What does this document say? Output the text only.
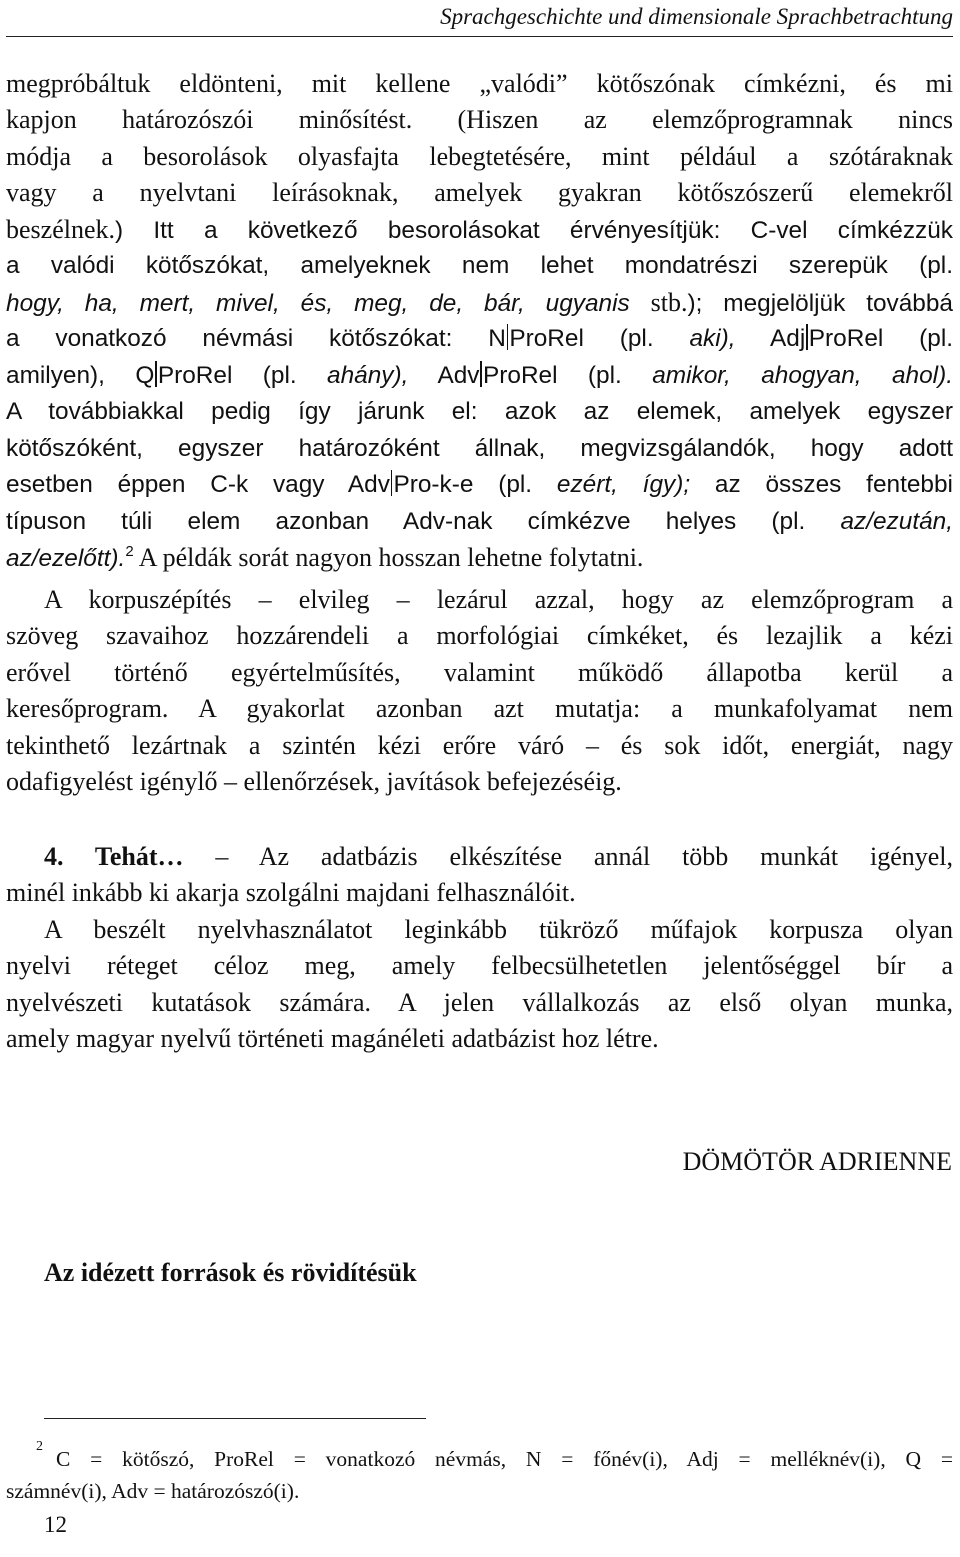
Sprachgeschichte und dimensionale Sprachbetrachtung
megpróbáltuk eldönteni, mit kellene „valódi” kötőszónak címkézni, és mi
kapjon határozószói minősítést. (Hiszen az elemzőprogramnak nincs
módja a besorolások olyasfajta lebegtetésére, mint például a szótáraknak
vagy a nyelvtani leírásoknak, amelyek gyakran kötőszószerű elemekről
beszélnek.) Itt a következő besorolásokat érvényesítjük: C-vel címkézzük
a valódi kötőszókat, amelyeknek nem lehet mondatrészi szerepük (pl.
hogy, ha, mert, mivel, és, meg, de, bár, ugyanis stb.); megjelöljük továbbá
a vonatkozó névmási kötőszókat: N ProRel (pl. aki), Adj ProRel (pl.
amilyen), Q ProRel (pl. ahány), Adv ProRel (pl. amikor, ahogyan, ahol).
A továbbiakkal pedig így járunk el: azok az elemek, amelyek egyszer
kötőszóként, egyszer határozóként állnak, megvizsgálandók, hogy adott
esetben éppen C-k vagy Adv Pro-k-e (pl. ezért, így); az összes fentebbi
típuson túli elem azonban Adv-nak címkézve helyes (pl. az/ezután,
az/ezelőtt).$^2$ A példák sorát nagyon hosszan lehetne folytatni.
A korpuszépítés – elvileg – lezárul azzal, hogy az elemzőprogram a
szöveg szavaihoz hozzárendeli a morfológiai címkéket, és lezajlik a kézi
erővel történő egyértelműsítés, valamint működő állapotba kerül a
keresőprogram. A gyakorlat azonban azt mutatja: a munkafolyamat nem
tekinthető lezártnak a szintén kézi erőre váró – és sok időt, energiát, nagy
odafigyelést igénylő – ellenőrzések, javítások befejezéséig.
4. Tehát… – Az adatbázis elkészítése annál több munkát igényel,
minél inkább ki akarja szolgálni majdani felhasználóit.
A beszélt nyelvhasználatot leginkább tükröző műfajok korpusza olyan
nyelvi réteget céloz meg, amely felbecsülhetetlen jelentőséggel bír a
nyelvészeti kutatások számára. A jelen vállalkozás az első olyan munka,
amely magyar nyelvű történeti magánéleti adatbázist hoz létre.
DÖMÖTÖR ADRIENNE
Az idézett források és rövidítésük
2
C = kötőszó, ProRel = vonatkozó névmás, N = főnév(i), Adj = melléknév(i), Q =
számnév(i), Adv = határozószó(i).
12
